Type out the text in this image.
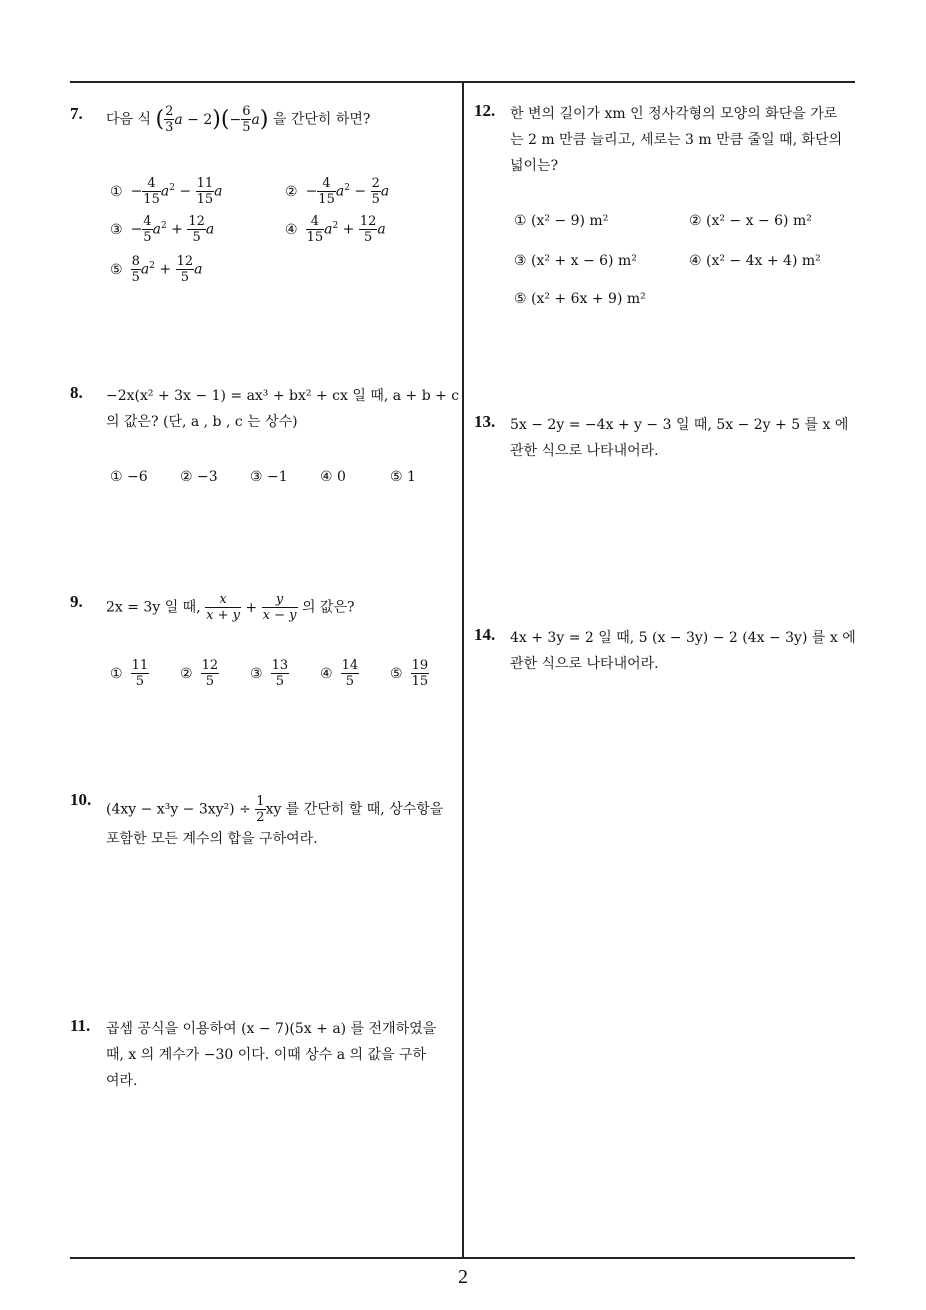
7. 다음 식 ( $\frac{2}{3}$ $a - 2)(- \frac{6}{5} a)$ 을 간단히 하면?
① − $\frac{4}{15} a^2 - \frac{11}{15}$ a	② − $\frac{4}{15} a^2 - \frac{2}{5}$ a
③ − $\frac{4}{5} a^2 + \frac{12}{5}$ a	④ $\frac{4}{15} a^2 + \frac{12}{5}$ a
⑤ $\frac{8}{5} a^2 + \frac{12}{5}$ a
8. −2x(x² + 3x − 1) = ax³ + bx² + cx 일 때, a + b + c
의 값은? (단, a , b , c 는 상수)
① −6 ② −3 ③ −1 ④ 0	⑤ 1
9. 2x = 3y 일 때, $\frac{x}{x + y} + \frac{y}{x - y}$ 의 값은?
① $\frac{11}{5}$ ② $\frac{12}{5}$ ③ $\frac{13}{5}$ ④ $\frac{14}{5}$ ⑤ $\frac{19}{15}$
10.
$(4xy - x^3y - 3xy^2) \div \frac{1}{2}$ xy 를 간단히 할 때, 상수항을
포함한 모든 계수의 합을 구하여라.
11. 곱셈 공식을 이용하여 (x − 7)(5x + a) 를 전개하였을
때, x 의 계수가 −30 이다. 이때 상수 a 의 값을 구하
여라.
12. 한 변의 길이가 xm 인 정사각형의 모양의 화단을 가로
는 2 m 만큼 늘리고, 세로는 3 m 만큼 줄일 때, 화단의
넓이는?
① (x² − 9) m²	② (x² − x − 6) m²
③ (x² + x − 6) m²	④ (x² − 4x + 4) m²
⑤ (x² + 6x + 9) m²
13. 5x − 2y = −4x + y − 3 일 때, 5x − 2y + 5 를 x 에
관한 식으로 나타내어라.
14. 4x + 3y = 2 일 때, 5 (x − 3y) − 2 (4x − 3y) 를 x 에
관한 식으로 나타내어라.
2
